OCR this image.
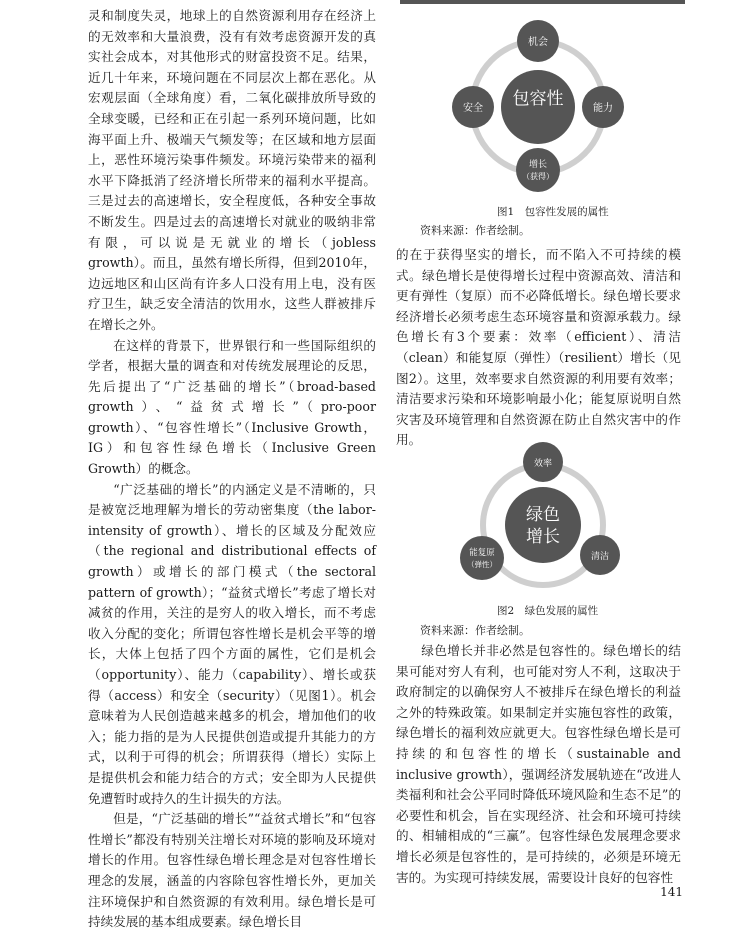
灵和制度失灵，地球上的自然资源利用存在经济上的无效率和大量浪费，没有有效考虑资源开发的真实社会成本，对其他形式的财富投资不足。结果，近几十年来，环境问题在不同层次上都在恶化。从宏观层面（全球角度）看，二氧化碳排放所导致的全球变暖，已经和正在引起一系列环境问题，比如海平面上升、极端天气频发等；在区域和地方层面上，恶性环境污染事件频发。环境污染带来的福利水平下降抵消了经济增长所带来的福利水平提高。三是过去的高速增长，安全程度低，各种安全事故不断发生。四是过去的高速增长对就业的吸纳非常有限，可以说是无就业的增长（jobless growth）。而且，虽然有增长所得，但到2010年，边远地区和山区尚有许多人口没有用上电，没有医疗卫生，缺乏安全清洁的饮用水，这些人群被排斥在增长之外。

在这样的背景下，世界银行和一些国际组织的学者，根据大量的调查和对传统发展理论的反思，先后提出了“广泛基础的增长”（broad-based growth）、“益贫式增长”（pro-poor growth）、“包容性增长”（Inclusive Growth，IG）和包容性绿色增长（Inclusive Green Growth）的概念。

“广泛基础的增长”的内涵定义是不清晰的，只是被宽泛地理解为增长的劳动密集度（the labor-intensity of growth）、增长的区域及分配效应（the regional and distributional effects of growth）或增长的部门模式（the sectoral pattern of growth）；“益贫式增长”考虑了增长对减贫的作用，关注的是穷人的收入增长，而不考虑收入分配的变化；所谓包容性增长是机会平等的增长，大体上包括了四个方面的属性，它们是机会（opportunity）、能力（capability）、增长或获得（access）和安全（security）（见图1）。机会意味着为人民创造越来越多的机会，增加他们的收入；能力指的是为人民提供创造或提升其能力的方式，以利于可得的机会；所谓获得（增长）实际上是提供机会和能力结合的方式；安全即为人民提供免遭暂时或持久的生计损失的方法。

但是，“广泛基础的增长”“益贫式增长”和“包容性增长”都没有特别关注增长对环境的影响及环境对增长的作用。包容性绿色增长理念是对包容性增长理念的发展，涵盖的内容除包容性增长外，更加关注环境保护和自然资源的有效利用。绿色增长是可持续发展的基本组成要素。绿色增长目

包容性
机会
能力
增长
（获得）
安全
图1　包容性发展的属性
资料来源：作者绘制。

的在于获得坚实的增长，而不陷入不可持续的模式。绿色增长是使得增长过程中资源高效、清洁和更有弹性（复原）而不必降低增长。绿色增长要求经济增长必须考虑生态环境容量和资源承载力。绿色增长有3个要素：效率（efficient）、清洁（clean）和能复原（弹性）（resilient）增长（见图2）。这里，效率要求自然资源的利用要有效率；清洁要求污染和环境影响最小化；能复原说明自然灾害及环境管理和自然资源在防止自然灾害中的作用。

绿色
增长
效率
清洁
能复原
（弹性）
图2　绿色发展的属性
资料来源：作者绘制。

绿色增长并非必然是包容性的。绿色增长的结果可能对穷人有利，也可能对穷人不利，这取决于政府制定的以确保穷人不被排斥在绿色增长的利益之外的特殊政策。如果制定并实施包容性的政策，绿色增长的福利效应就更大。包容性绿色增长是可持续的和包容性的增长（sustainable and inclusive growth），强调经济发展轨迹在“改进人类福利和社会公平同时降低环境风险和生态不足”的必要性和机会，旨在实现经济、社会和环境可持续的、相辅相成的“三赢”。包容性绿色发展理念要求增长必须是包容性的，是可持续的，必须是环境无害的。为实现可持续发展，需要设计良好的包容性

141
